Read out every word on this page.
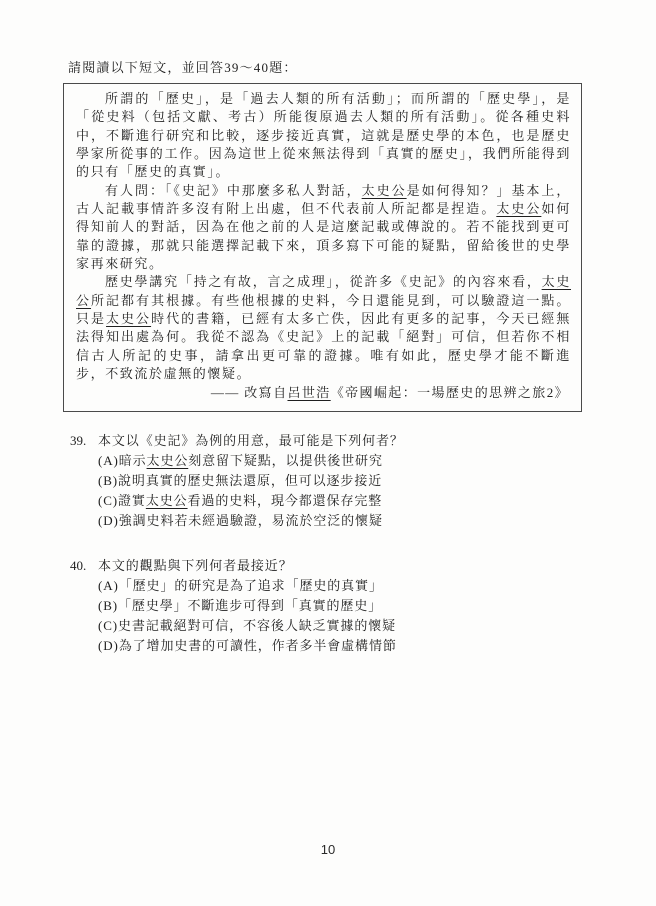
請閱讀以下短文，並回答39～40題：

所謂的「歷史」，是「過去人類的所有活動」；而所謂的「歷史學」，是「從史料（包括文獻、考古）所能復原過去人類的所有活動」。從各種史料中，不斷進行研究和比較，逐步接近真實，這就是歷史學的本色，也是歷史學家所從事的工作。因為這世上從來無法得到「真實的歷史」，我們所能得到的只有「歷史的真實」。

有人問：「《史記》中那麼多私人對話，太史公是如何得知？」基本上，古人記載事情許多沒有附上出處，但不代表前人所記都是捏造。太史公如何得知前人的對話，因為在他之前的人是這麼記載或傳說的。若不能找到更可靠的證據，那就只能選擇記載下來，頂多寫下可能的疑點，留給後世的史學家再來研究。

歷史學講究「持之有故，言之成理」，從許多《史記》的內容來看，太史公所記都有其根據。有些他根據的史料，今日還能見到，可以驗證這一點。只是太史公時代的書籍，已經有太多亡佚，因此有更多的記事，今天已經無法得知出處為何。我從不認為《史記》上的記載「絕對」可信，但若你不相信古人所記的史事，請拿出更可靠的證據。唯有如此，歷史學才能不斷進步，不致流於虛無的懷疑。

—— 改寫自呂世浩《帝國崛起：一場歷史的思辨之旅2》

39. 本文以《史記》為例的用意，最可能是下列何者？

(A)暗示太史公刻意留下疑點，以提供後世研究

(B)說明真實的歷史無法還原，但可以逐步接近

(C)證實太史公看過的史料，現今都還保存完整

(D)強調史料若未經過驗證，易流於空泛的懷疑

40. 本文的觀點與下列何者最接近？

(A)「歷史」的研究是為了追求「歷史的真實」

(B)「歷史學」不斷進步可得到「真實的歷史」

(C)史書記載絕對可信，不容後人缺乏實據的懷疑

(D)為了增加史書的可讀性，作者多半會虛構情節

10
